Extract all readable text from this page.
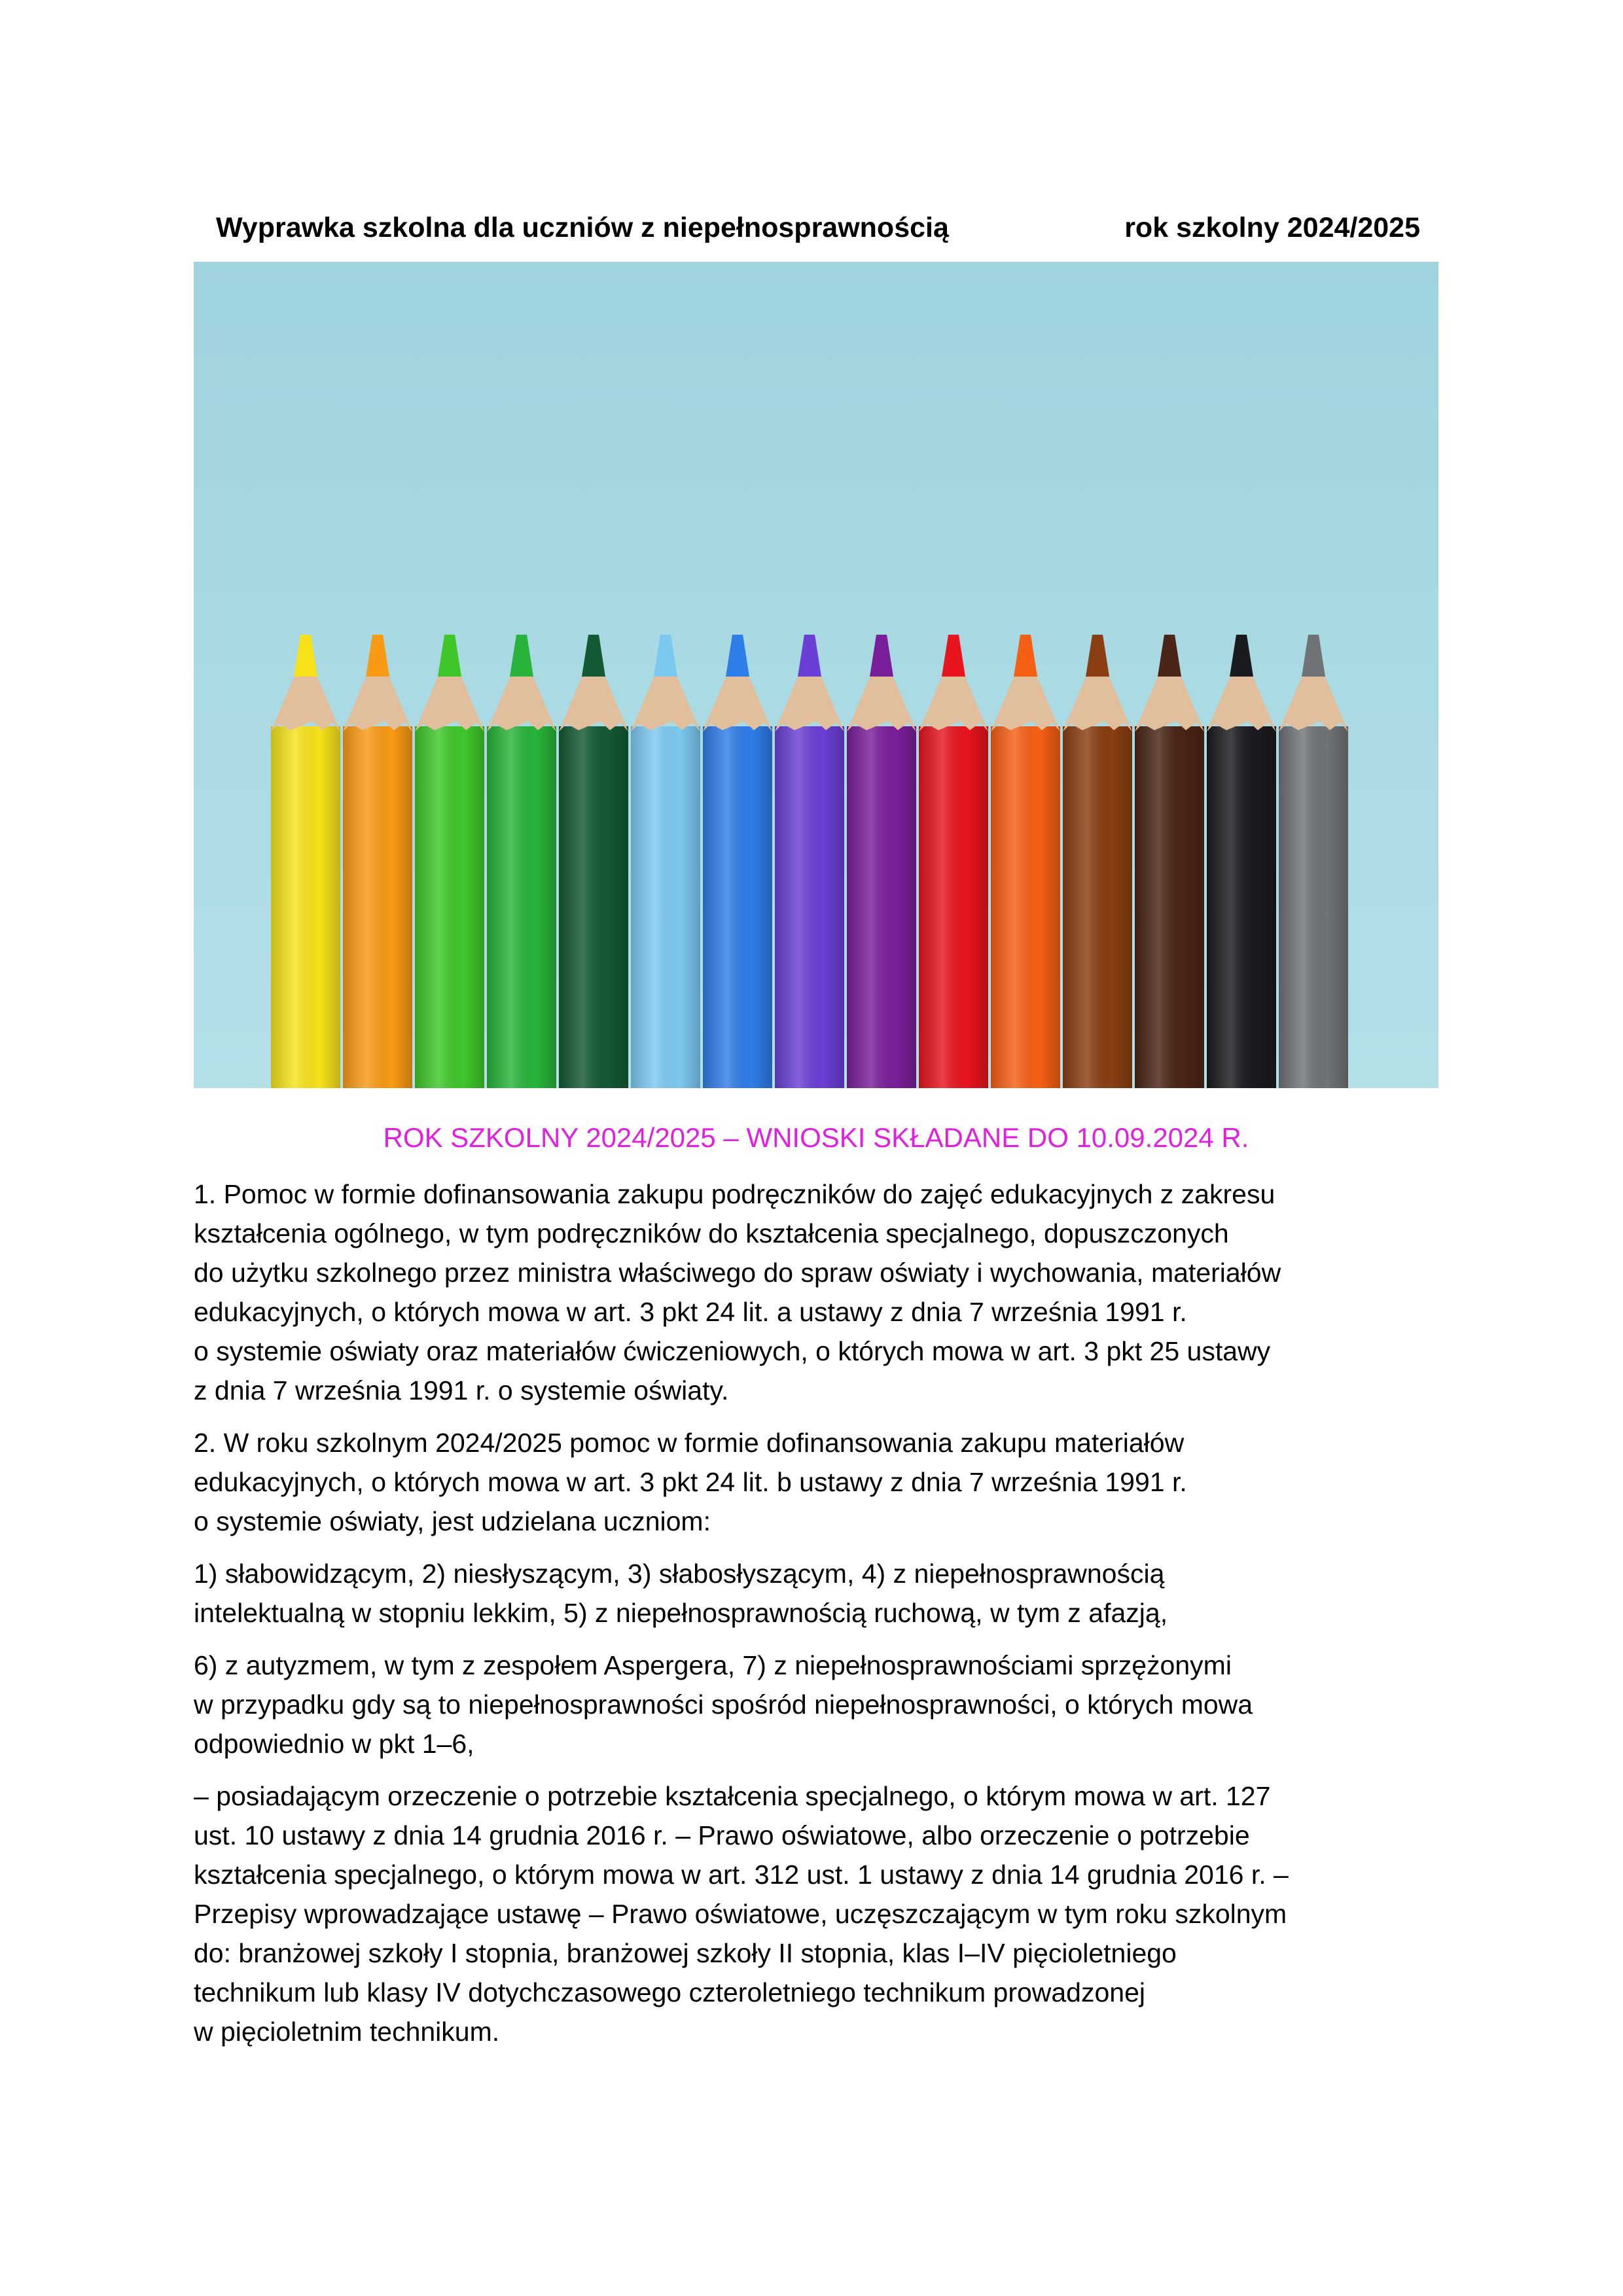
Wyprawka szkolna dla uczniów z niepełnosprawnością	rok szkolny 2024/2025
ROK SZKOLNY 2024/2025 – WNIOSKI SKŁADANE DO 10.09.2024 R.

1. Pomoc w formie dofinansowania zakupu podręczników do zajęć edukacyjnych z zakresu
kształcenia ogólnego, w tym podręczników do kształcenia specjalnego, dopuszczonych
do użytku szkolnego przez ministra właściwego do spraw oświaty i wychowania, materiałów
edukacyjnych, o których mowa w art. 3 pkt 24 lit. a ustawy z dnia 7 września 1991 r.
o systemie oświaty oraz materiałów ćwiczeniowych, o których mowa w art. 3 pkt 25 ustawy
z dnia 7 września 1991 r. o systemie oświaty.

2. W roku szkolnym 2024/2025 pomoc w formie dofinansowania zakupu materiałów
edukacyjnych, o których mowa w art. 3 pkt 24 lit. b ustawy z dnia 7 września 1991 r.
o systemie oświaty, jest udzielana uczniom:

1) słabowidzącym, 2) niesłyszącym, 3) słabosłyszącym, 4) z niepełnosprawnością
intelektualną w stopniu lekkim, 5) z niepełnosprawnością ruchową, w tym z afazją,

6) z autyzmem, w tym z zespołem Aspergera, 7) z niepełnosprawnościami sprzężonymi
w przypadku gdy są to niepełnosprawności spośród niepełnosprawności, o których mowa
odpowiednio w pkt 1–6,

– posiadającym orzeczenie o potrzebie kształcenia specjalnego, o którym mowa w art. 127
ust. 10 ustawy z dnia 14 grudnia 2016 r. – Prawo oświatowe, albo orzeczenie o potrzebie
kształcenia specjalnego, o którym mowa w art. 312 ust. 1 ustawy z dnia 14 grudnia 2016 r. –
Przepisy wprowadzające ustawę – Prawo oświatowe, uczęszczającym w tym roku szkolnym
do: branżowej szkoły I stopnia, branżowej szkoły II stopnia, klas I–IV pięcioletniego
technikum lub klasy IV dotychczasowego czteroletniego technikum prowadzonej
w pięcioletnim technikum.
